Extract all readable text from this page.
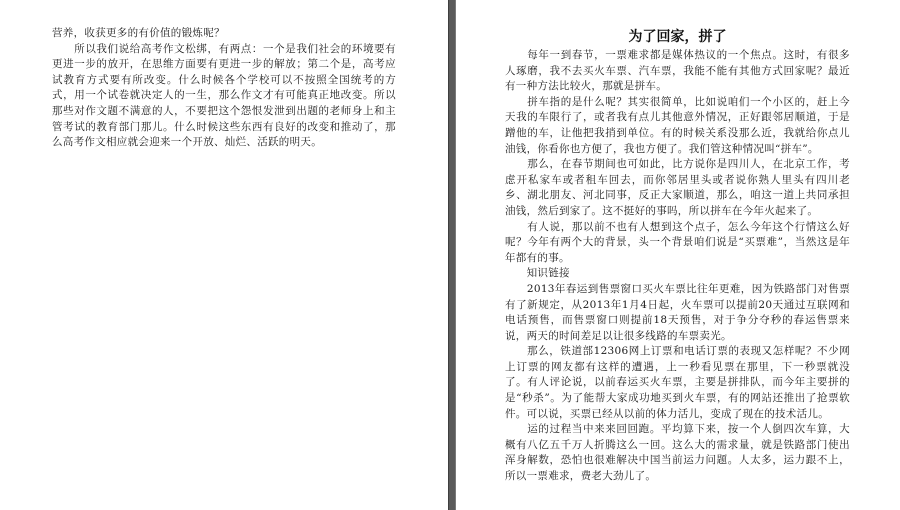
营养，收获更多的有价值的锻炼呢？

　　所以我们说给高考作文松绑，有两点：一个是我们社会的环境要有更进一步的放开，在思维方面要有更进一步的解放；第二个是，高考应试教育方式要有所改变。什么时候各个学校可以不按照全国统考的方式，用一个试卷就决定人的一生，那么作文才有可能真正地改变。所以那些对作文题不满意的人，不要把这个怨恨发泄到出题的老师身上和主管考试的教育部门那儿。什么时候这些东西有良好的改变和推动了，那么高考作文相应就会迎来一个开放、灿烂、活跃的明天。

为了回家，拼了

　　每年一到春节，一票难求都是媒体热议的一个焦点。这时，有很多人琢磨，我不去买火车票、汽车票，我能不能有其他方式回家呢？最近有一种方法比较火，那就是拼车。

　　拼车指的是什么呢？其实很简单，比如说咱们一个小区的，赶上今天我的车限行了，或者我有点儿其他意外情况，正好跟邻居顺道，于是蹭他的车，让他把我捎到单位。有的时候关系没那么近，我就给你点儿油钱，你看你也方便了，我也方便了。我们管这种情况叫“拼车”。

　　那么，在春节期间也可如此，比方说你是四川人，在北京工作，考虑开私家车或者租车回去，而你邻居里头或者说你熟人里头有四川老乡、湖北朋友、河北同事，反正大家顺道，那么，咱这一道上共同承担油钱，然后到家了。这不挺好的事吗，所以拼车在今年火起来了。

　　有人说，那以前不也有人想到这个点子，怎么今年这个行情这么好呢？今年有两个大的背景，头一个背景咱们说是“买票难”，当然这是年年都有的事。

　　知识链接

　　2013年春运到售票窗口买火车票比往年更难，因为铁路部门对售票有了新规定，从2013年1月4日起，火车票可以提前20天通过互联网和电话预售，而售票窗口则提前18天预售，对于争分夺秒的春运售票来说，两天的时间差足以让很多线路的车票卖光。

　　那么，铁道部12306网上订票和电话订票的表现又怎样呢？不少网上订票的网友都有这样的遭遇，上一秒看见票在那里，下一秒票就没了。有人评论说，以前春运买火车票，主要是拼排队，而今年主要拼的是“秒杀”。为了能帮大家成功地买到火车票，有的网站还推出了抢票软件。可以说，买票已经从以前的体力活儿，变成了现在的技术活儿。

　　运的过程当中来来回回跑。平均算下来，按一个人倒四次车算，大概有八亿五千万人折腾这么一回。这么大的需求量，就是铁路部门使出浑身解数，恐怕也很难解决中国当前运力问题。人太多，运力跟不上，所以一票难求，费老大劲儿了。
